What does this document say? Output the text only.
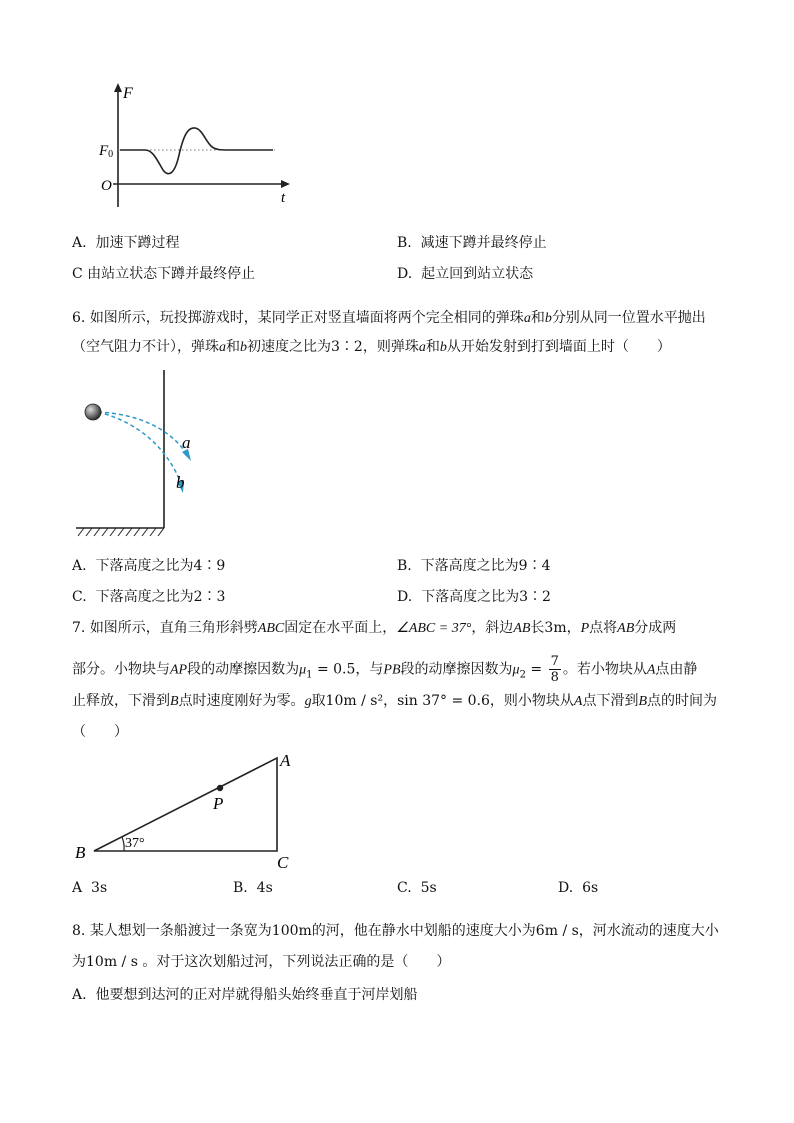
F
F0
O
t
A. 加速下蹲过程	B. 减速下蹲并最终停止
C 由站立状态下蹲并最终停止	D. 起立回到站立状态
6. 如图所示，玩投掷游戏时，某同学正对竖直墙面将两个完全相同的弹珠a和b分别从同一位置水平抛出
（空气阻力不计），弹珠a和b初速度之比为3∶2，则弹珠a和b从开始发射到打到墙面上时（　　）
a
b
A. 下落高度之比为4∶9	B. 下落高度之比为9∶4
C. 下落高度之比为2∶3	D. 下落高度之比为3∶2
7. 如图所示，直角三角形斜劈ABC固定在水平面上，∠ABC = 37°，斜边AB长3m，P点将AB分成两
部分。小物块与AP段的动摩擦因数为$\mu_1 = 0.5$，与PB段的动摩擦因数为$\mu_2 = \frac{7}{8}$ 。若小物块从A点由静
止释放，下滑到B点时速度刚好为零。g取10m / s²，sin 37° = 0.6，则小物块从A点下滑到B点的时间为
（　　）
A
B
C
P
37°
A 3s	B. 4s	C. 5s	D. 6s
8. 某人想划一条船渡过一条宽为100m的河，他在静水中划船的速度大小为6m / s，河水流动的速度大小
为10m / s 。对于这次划船过河，下列说法正确的是（　　）
A. 他要想到达河的正对岸就得船头始终垂直于河岸划船
